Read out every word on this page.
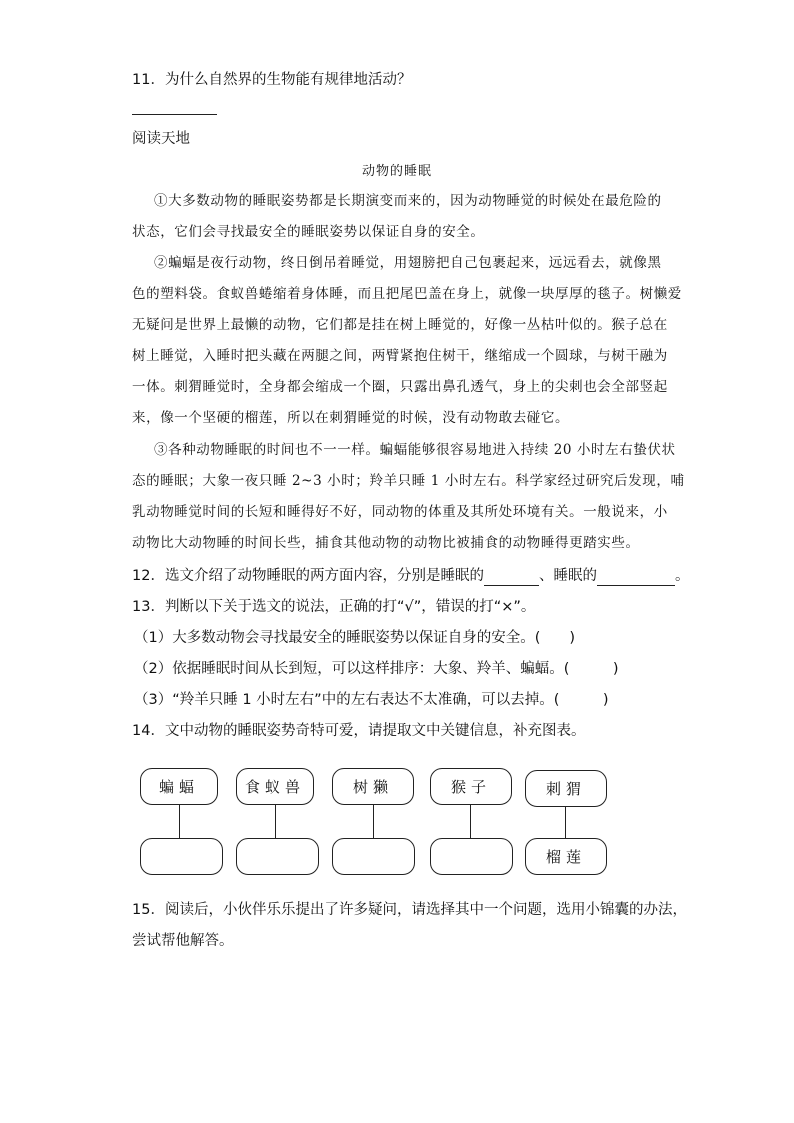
11．为什么自然界的生物能有规律地活动？
阅读天地
动物的睡眠
①大多数动物的睡眠姿势都是长期演变而来的，因为动物睡觉的时候处在最危险的
状态，它们会寻找最安全的睡眠姿势以保证自身的安全。
②蝙蝠是夜行动物，终日倒吊着睡觉，用翅膀把自己包裹起来，远远看去，就像黑
色的塑料袋。食蚁兽蜷缩着身体睡，而且把尾巴盖在身上，就像一块厚厚的毯子。树懒爱
无疑问是世界上最懒的动物，它们都是挂在树上睡觉的，好像一丛枯叶似的。猴子总在
树上睡觉，入睡时把头藏在两腿之间，两臂紧抱住树干，继缩成一个圆球，与树干融为
一体。刺猬睡觉时，全身都会缩成一个圈，只露出鼻孔透气，身上的尖刺也会全部竖起
来，像一个坚硬的榴莲，所以在刺猬睡觉的时候，没有动物敢去碰它。
③各种动物睡眠的时间也不一一样。蝙蝠能够很容易地进入持续 20 小时左右蛰伏状
态的睡眠；大象一夜只睡 2~3 小时；羚羊只睡 1 小时左右。科学家经过研究后发现，哺
乳动物睡觉时间的长短和睡得好不好，同动物的体重及其所处环境有关。一般说来，小
动物比大动物睡的时间长些，捕食其他动物的动物比被捕食的动物睡得更踏实些。
12．选文介绍了动物睡眠的两方面内容，分别是睡眠的	、睡眠的	。
13．判断以下关于选文的说法，正确的打“√”，错误的打“×”。
（1）大多数动物会寻找最安全的睡眠姿势以保证自身的安全。(　　)
（2）依据睡眠时间从长到短，可以这样排序：大象、羚羊、蝙蝠。(　　　)
（3）“羚羊只睡 1 小时左右”中的左右表达不太准确，可以去掉。(　　　)
14．文中动物的睡眠姿势奇特可爱，请提取文中关键信息，补充图表。
蝙蝠	食蚁兽	树獭	猴子	刺猬
榴莲
15．阅读后，小伙伴乐乐提出了许多疑问，请选择其中一个问题，选用小锦囊的办法，
尝试帮他解答。
